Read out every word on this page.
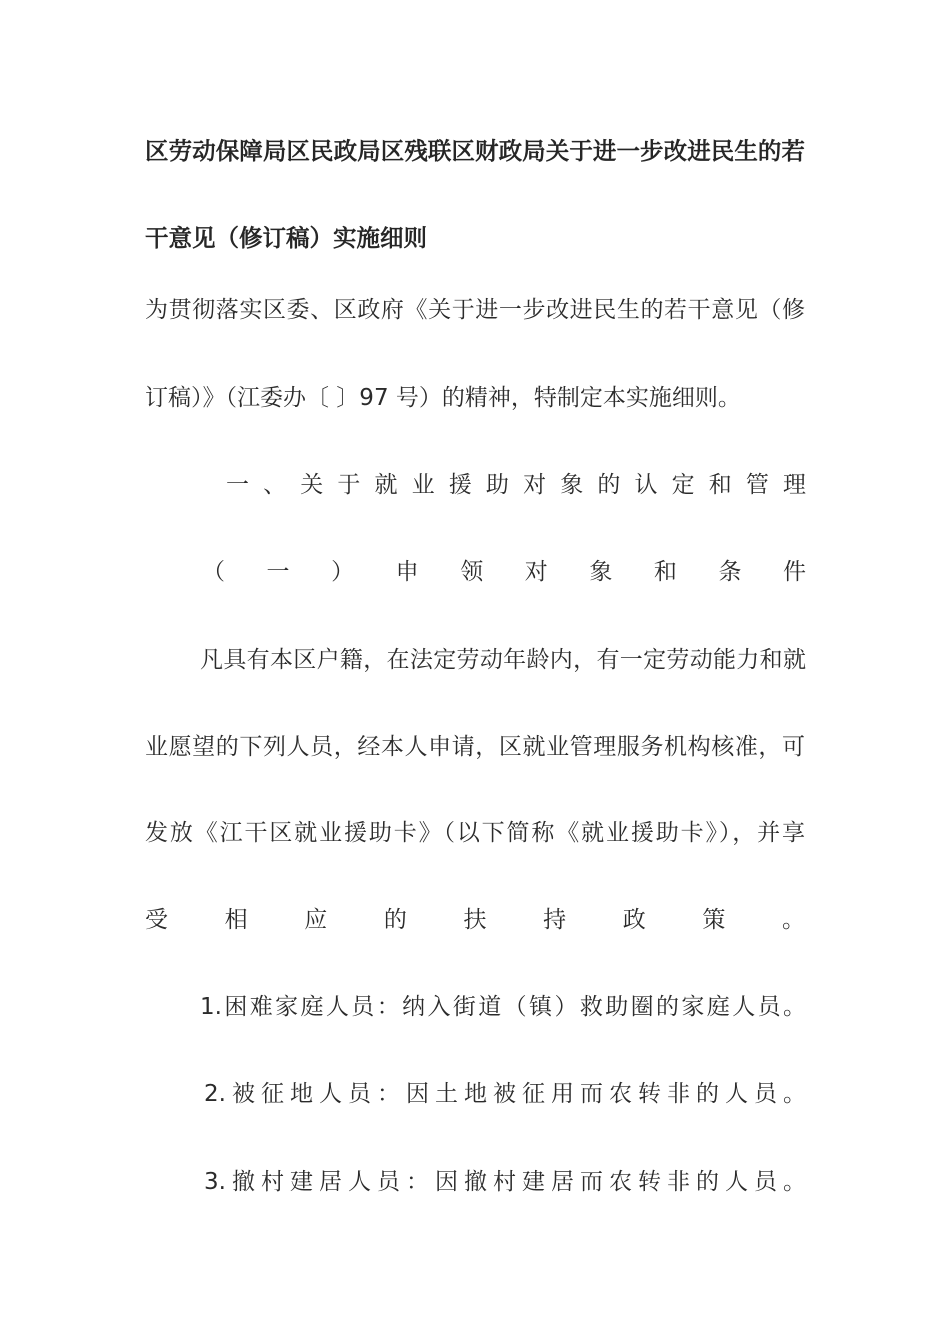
区劳动保障局区民政局区残联区财政局关于进一步改进民生的若
干意见（修订稿）实施细则
为贯彻落实区委、区政府《关于进一步改进民生的若干意见（修
订稿）》（江委办〔 〕97 号）的精神，特制定本实施细则。
一、关于就业援助对象的认定和管理
（一）申领对象和条件
凡具有本区户籍，在法定劳动年龄内，有一定劳动能力和就
业愿望的下列人员，经本人申请，区就业管理服务机构核准，可
发放《江干区就业援助卡》（以下简称《就业援助卡》），并享
受相应的扶持政策。
1.困难家庭人员：纳入街道（镇）救助圈的家庭人员。
2.被征地人员：因土地被征用而农转非的人员。
3.撤村建居人员：因撤村建居而农转非的人员。
